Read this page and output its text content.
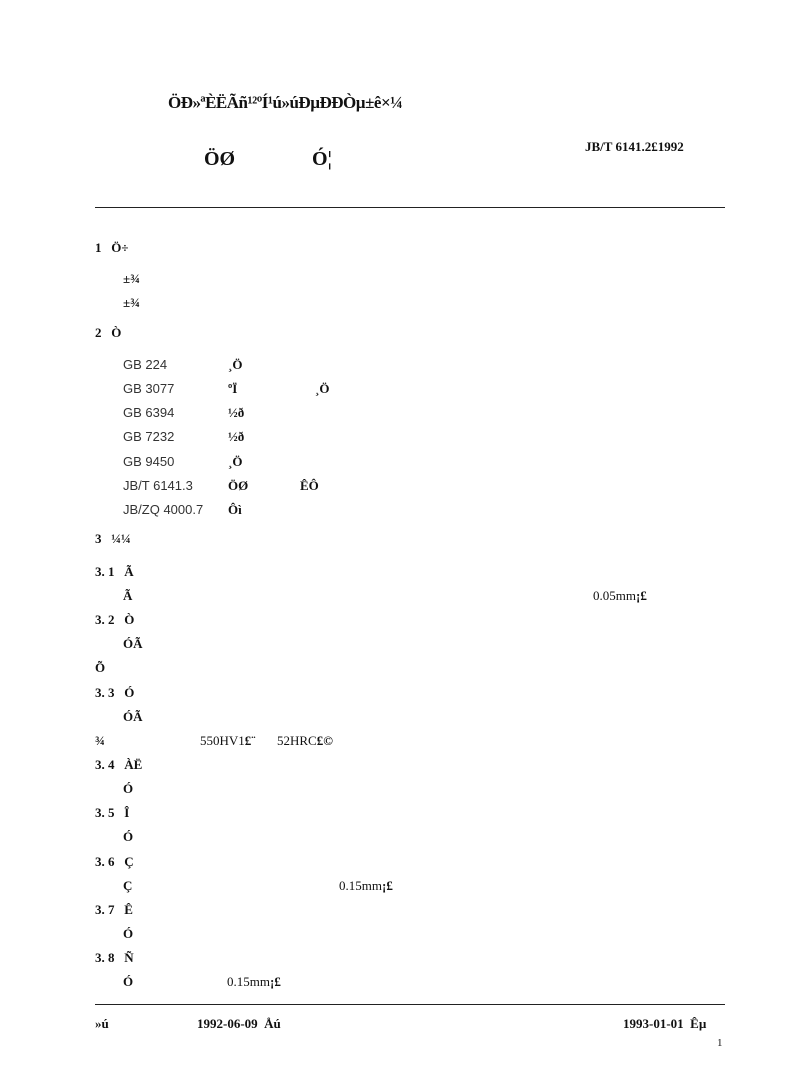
ÖÐ»ªÈËÃñ¹²ºÍ¹ú»úÐµÐÐÒµ±ê×¼
JB/T 6141.2£1992
ÖØ	Ó¦
1 Ö÷
±¾
±¾
2 Ò
GB 224	¸Ö
GB 3077	ºÏ	¸Ö
GB 6394	½ð
GB 7232	½ð
GB 9450	¸Ö
JB/T 6141.3	ÖØ	ÊÔ
JB/ZQ 4000.7 Ôì
3 ¼¼
3. 1 Ã
Ã	0.05mm¡£
3. 2 Ò
ÓÃ
Õ
3. 3 Ó
ÓÃ
¾	550HV1£¨ 52HRC£©
3. 4 ÀË
Ó
3. 5 Î
Ó
3. 6 Ç
Ç	0.15mm¡£
3. 7 Ê
Ó
3. 8 Ñ
Ó	0.15mm¡£
»ú	1992-06-09 Åú	1993-01-01 Êµ
1
